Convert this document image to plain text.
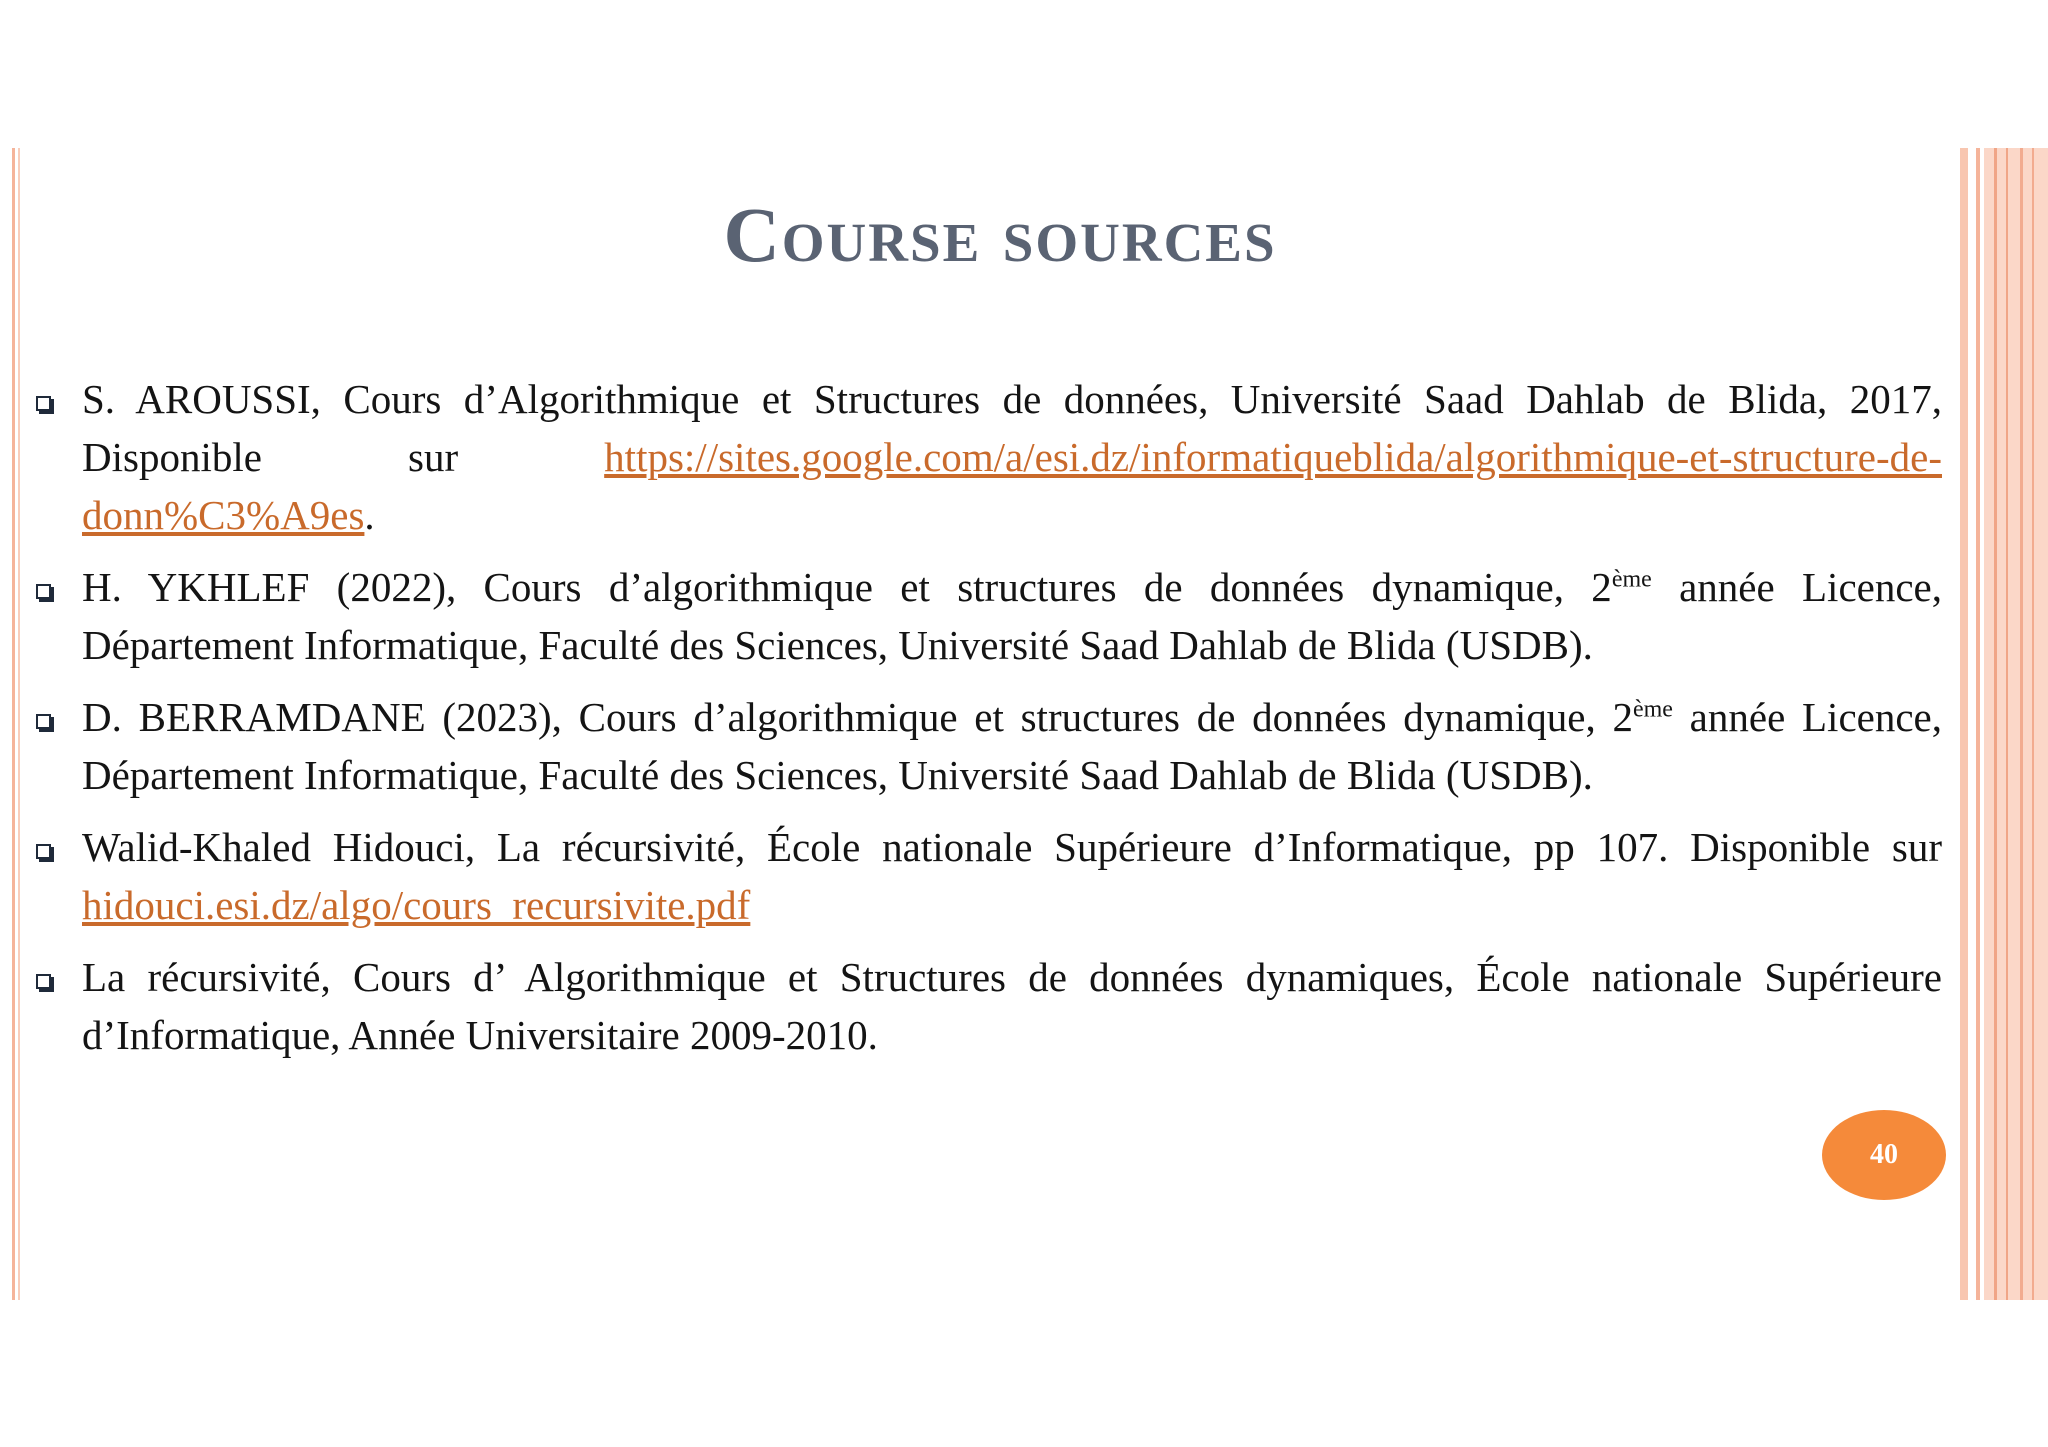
Course sources
S. AROUSSI, Cours d’Algorithmique et Structures de données, Université Saad Dahlab de Blida, 2017, Disponible sur https://sites.google.com/a/esi.dz/informatiqueblida/algorithmique-et-structure-de-donn%C3%A9es.
H. YKHLEF (2022), Cours d’algorithmique et structures de données dynamique, 2ème année Licence, Département Informatique, Faculté des Sciences, Université Saad Dahlab de Blida (USDB).
D. BERRAMDANE (2023), Cours d’algorithmique et structures de données dynamique, 2ème année Licence, Département Informatique, Faculté des Sciences, Université Saad Dahlab de Blida (USDB).
Walid-Khaled Hidouci, La récursivité, École nationale Supérieure d’Informatique, pp 107. Disponible sur hidouci.esi.dz/algo/cours_recursivite.pdf
La récursivité, Cours d’ Algorithmique et Structures de données dynamiques, École nationale Supérieure d’Informatique, Année Universitaire 2009-2010.
40
